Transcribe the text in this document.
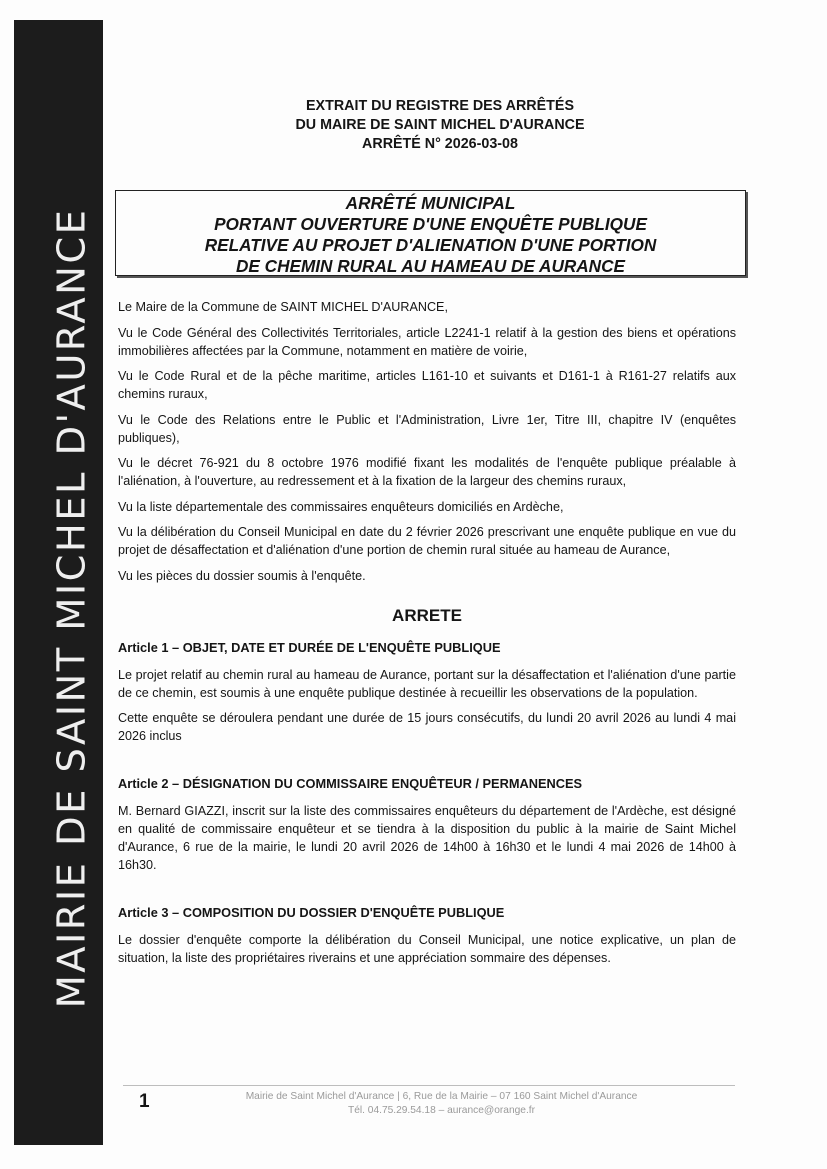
MAIRIE DE SAINT MICHEL D'AURANCE
EXTRAIT DU REGISTRE DES ARRÊTÉS
DU MAIRE DE SAINT MICHEL D'AURANCE
ARRÊTÉ N° 2026-03-08
ARRÊTÉ MUNICIPAL
PORTANT OUVERTURE D'UNE ENQUÊTE PUBLIQUE
RELATIVE AU PROJET D'ALIENATION D'UNE PORTION
DE CHEMIN RURAL AU HAMEAU DE AURANCE

Le Maire de la Commune de SAINT MICHEL D'AURANCE,

Vu le Code Général des Collectivités Territoriales, article L2241-1 relatif à la gestion des biens et opérations immobilières affectées par la Commune, notamment en matière de voirie,

Vu le Code Rural et de la pêche maritime, articles L161-10 et suivants et D161-1 à R161-27 relatifs aux chemins ruraux,

Vu le Code des Relations entre le Public et l'Administration, Livre 1er, Titre III, chapitre IV (enquêtes publiques),

Vu le décret 76-921 du 8 octobre 1976 modifié fixant les modalités de l'enquête publique préalable à l'aliénation, à l'ouverture, au redressement et à la fixation de la largeur des chemins ruraux,

Vu la liste départementale des commissaires enquêteurs domiciliés en Ardèche,

Vu la délibération du Conseil Municipal en date du 2 février 2026 prescrivant une enquête publique en vue du projet de désaffectation et d'aliénation d'une portion de chemin rural située au hameau de Aurance,

Vu les pièces du dossier soumis à l'enquête.

ARRETE
Article 1 – OBJET, DATE ET DURÉE DE L'ENQUÊTE PUBLIQUE

Le projet relatif au chemin rural au hameau de Aurance, portant sur la désaffectation et l'aliénation d'une partie de ce chemin, est soumis à une enquête publique destinée à recueillir les observations de la population.

Cette enquête se déroulera pendant une durée de 15 jours consécutifs, du lundi 20 avril 2026 au lundi 4 mai 2026 inclus

Article 2 – DÉSIGNATION DU COMMISSAIRE ENQUÊTEUR / PERMANENCES

M. Bernard GIAZZI, inscrit sur la liste des commissaires enquêteurs du département de l'Ardèche, est désigné en qualité de commissaire enquêteur et se tiendra à la disposition du public à la mairie de Saint Michel d'Aurance, 6 rue de la mairie, le lundi 20 avril 2026 de 14h00 à 16h30 et le lundi 4 mai 2026 de 14h00 à 16h30.

Article 3 – COMPOSITION DU DOSSIER D'ENQUÊTE PUBLIQUE

Le dossier d'enquête comporte la délibération du Conseil Municipal, une notice explicative, un plan de situation, la liste des propriétaires riverains et une appréciation sommaire des dépenses.

1	Mairie de Saint Michel d'Aurance | 6, Rue de la Mairie – 07 160 Saint Michel d'Aurance
Tél. 04.75.29.54.18 – aurance@orange.fr
